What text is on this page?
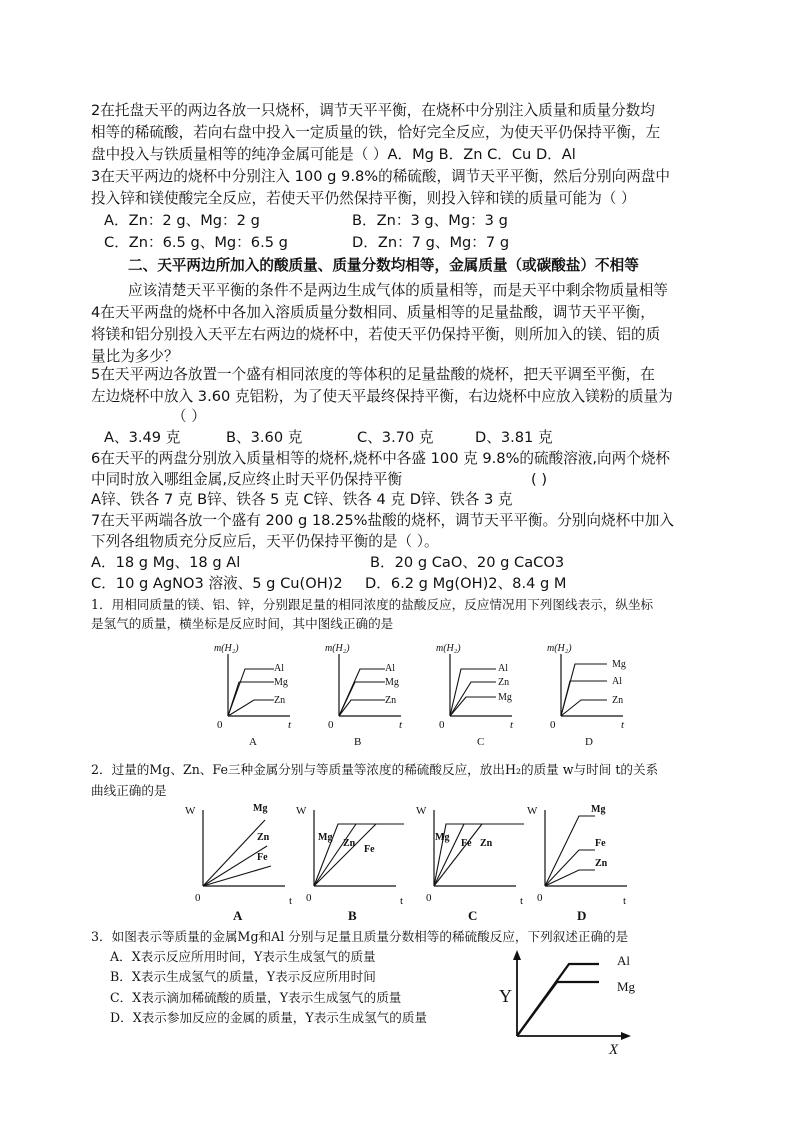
2在托盘天平的两边各放一只烧杯，调节天平平衡，在烧杯中分别注入质量和质量分数均
相等的稀硫酸，若向右盘中投入一定质量的铁，恰好完全反应，为使天平仍保持平衡，左
盘中投入与铁质量相等的纯净金属可能是（ ）A．Mg B．Zn C．Cu D．Al
3在天平两边的烧杯中分别注入 100 g 9.8%的稀硫酸，调节天平平衡，然后分别向两盘中
投入锌和镁使酸完全反应，若使天平仍然保持平衡，则投入锌和镁的质量可能为（ ）
A．Zn：2 g、Mg：2 g	B．Zn：3 g、Mg：3 g
C．Zn：6.5 g、Mg：6.5 g	D．Zn：7 g、Mg：7 g
二、天平两边所加入的酸质量、质量分数均相等，金属质量（或碳酸盐）不相等
应该清楚天平平衡的条件不是两边生成气体的质量相等，而是天平中剩余物质量相等
4在天平两盘的烧杯中各加入溶质质量分数相同、质量相等的足量盐酸，调节天平平衡，
将镁和铝分别投入天平左右两边的烧杯中，若使天平仍保持平衡，则所加入的镁、铝的质
量比为多少？
5在天平两边各放置一个盛有相同浓度的等体积的足量盐酸的烧杯，把天平调至平衡，在
左边烧杯中放入 3.60 克铝粉，为了使天平最终保持平衡，右边烧杯中应放入镁粉的质量为
（ ）
A、3.49 克	B、3.60 克	C、3.70 克	D、3.81 克
6在天平的两盘分别放入质量相等的烧杯,烧杯中各盛 100 克 9.8%的硫酸溶液,向两个烧杯
中同时放入哪组金属,反应终止时天平仍保持平衡	( )
A锌、铁各 7 克 B锌、铁各 5 克 C锌、铁各 4 克 D锌、铁各 3 克
7在天平两端各放一个盛有 200 g 18.25%盐酸的烧杯，调节天平平衡。分别向烧杯中加入
下列各组物质充分反应后，天平仍保持平衡的是（ ）。
A．18 g Mg、18 g Al	B．20 g CaO、20 g CaCO3
C．10 g AgNO3 溶液、5 g Cu(OH)2 D．6.2 g Mg(OH)2、8.4 g M
1．用相同质量的镁、铝、锌，分别跟足量的相同浓度的盐酸反应，反应情况用下列图线表示，纵坐标
是氢气的质量，横坐标是反应时间，其中图线正确的是
m(H₂)
0	t
Al
Mg
Zn
A
m(H₂)
0	t
Al
Mg
Zn
B
m(H₂)
0	t
Al
Zn
Mg
C
m(H₂)
0	t
Mg
Al
Zn
D
2．过量的Mg、Zn、Fe三种金属分别与等质量等浓度的稀硫酸反应，放出H₂的质量 w与时间 t的关系
曲线正确的是
W
0	t
Mg
Zn
Fe
A
W
0	t
Mg
Zn
Fe
B
W
0	t
Mg
Fe Zn
C
W
0	t
Mg
Fe
Zn
D
3．如图表示等质量的金属Mg和Al 分别与足量且质量分数相等的稀硫酸反应，下列叙述正确的是
A．X表示反应所用时间，Y表示生成氢气的质量
B．X表示生成氢气的质量，Y表示反应所用时间
C．X表示滴加稀硫酸的质量，Y表示生成氢气的质量
D．X表示参加反应的金属的质量，Y表示生成氢气的质量
Y
X
Al
Mg
